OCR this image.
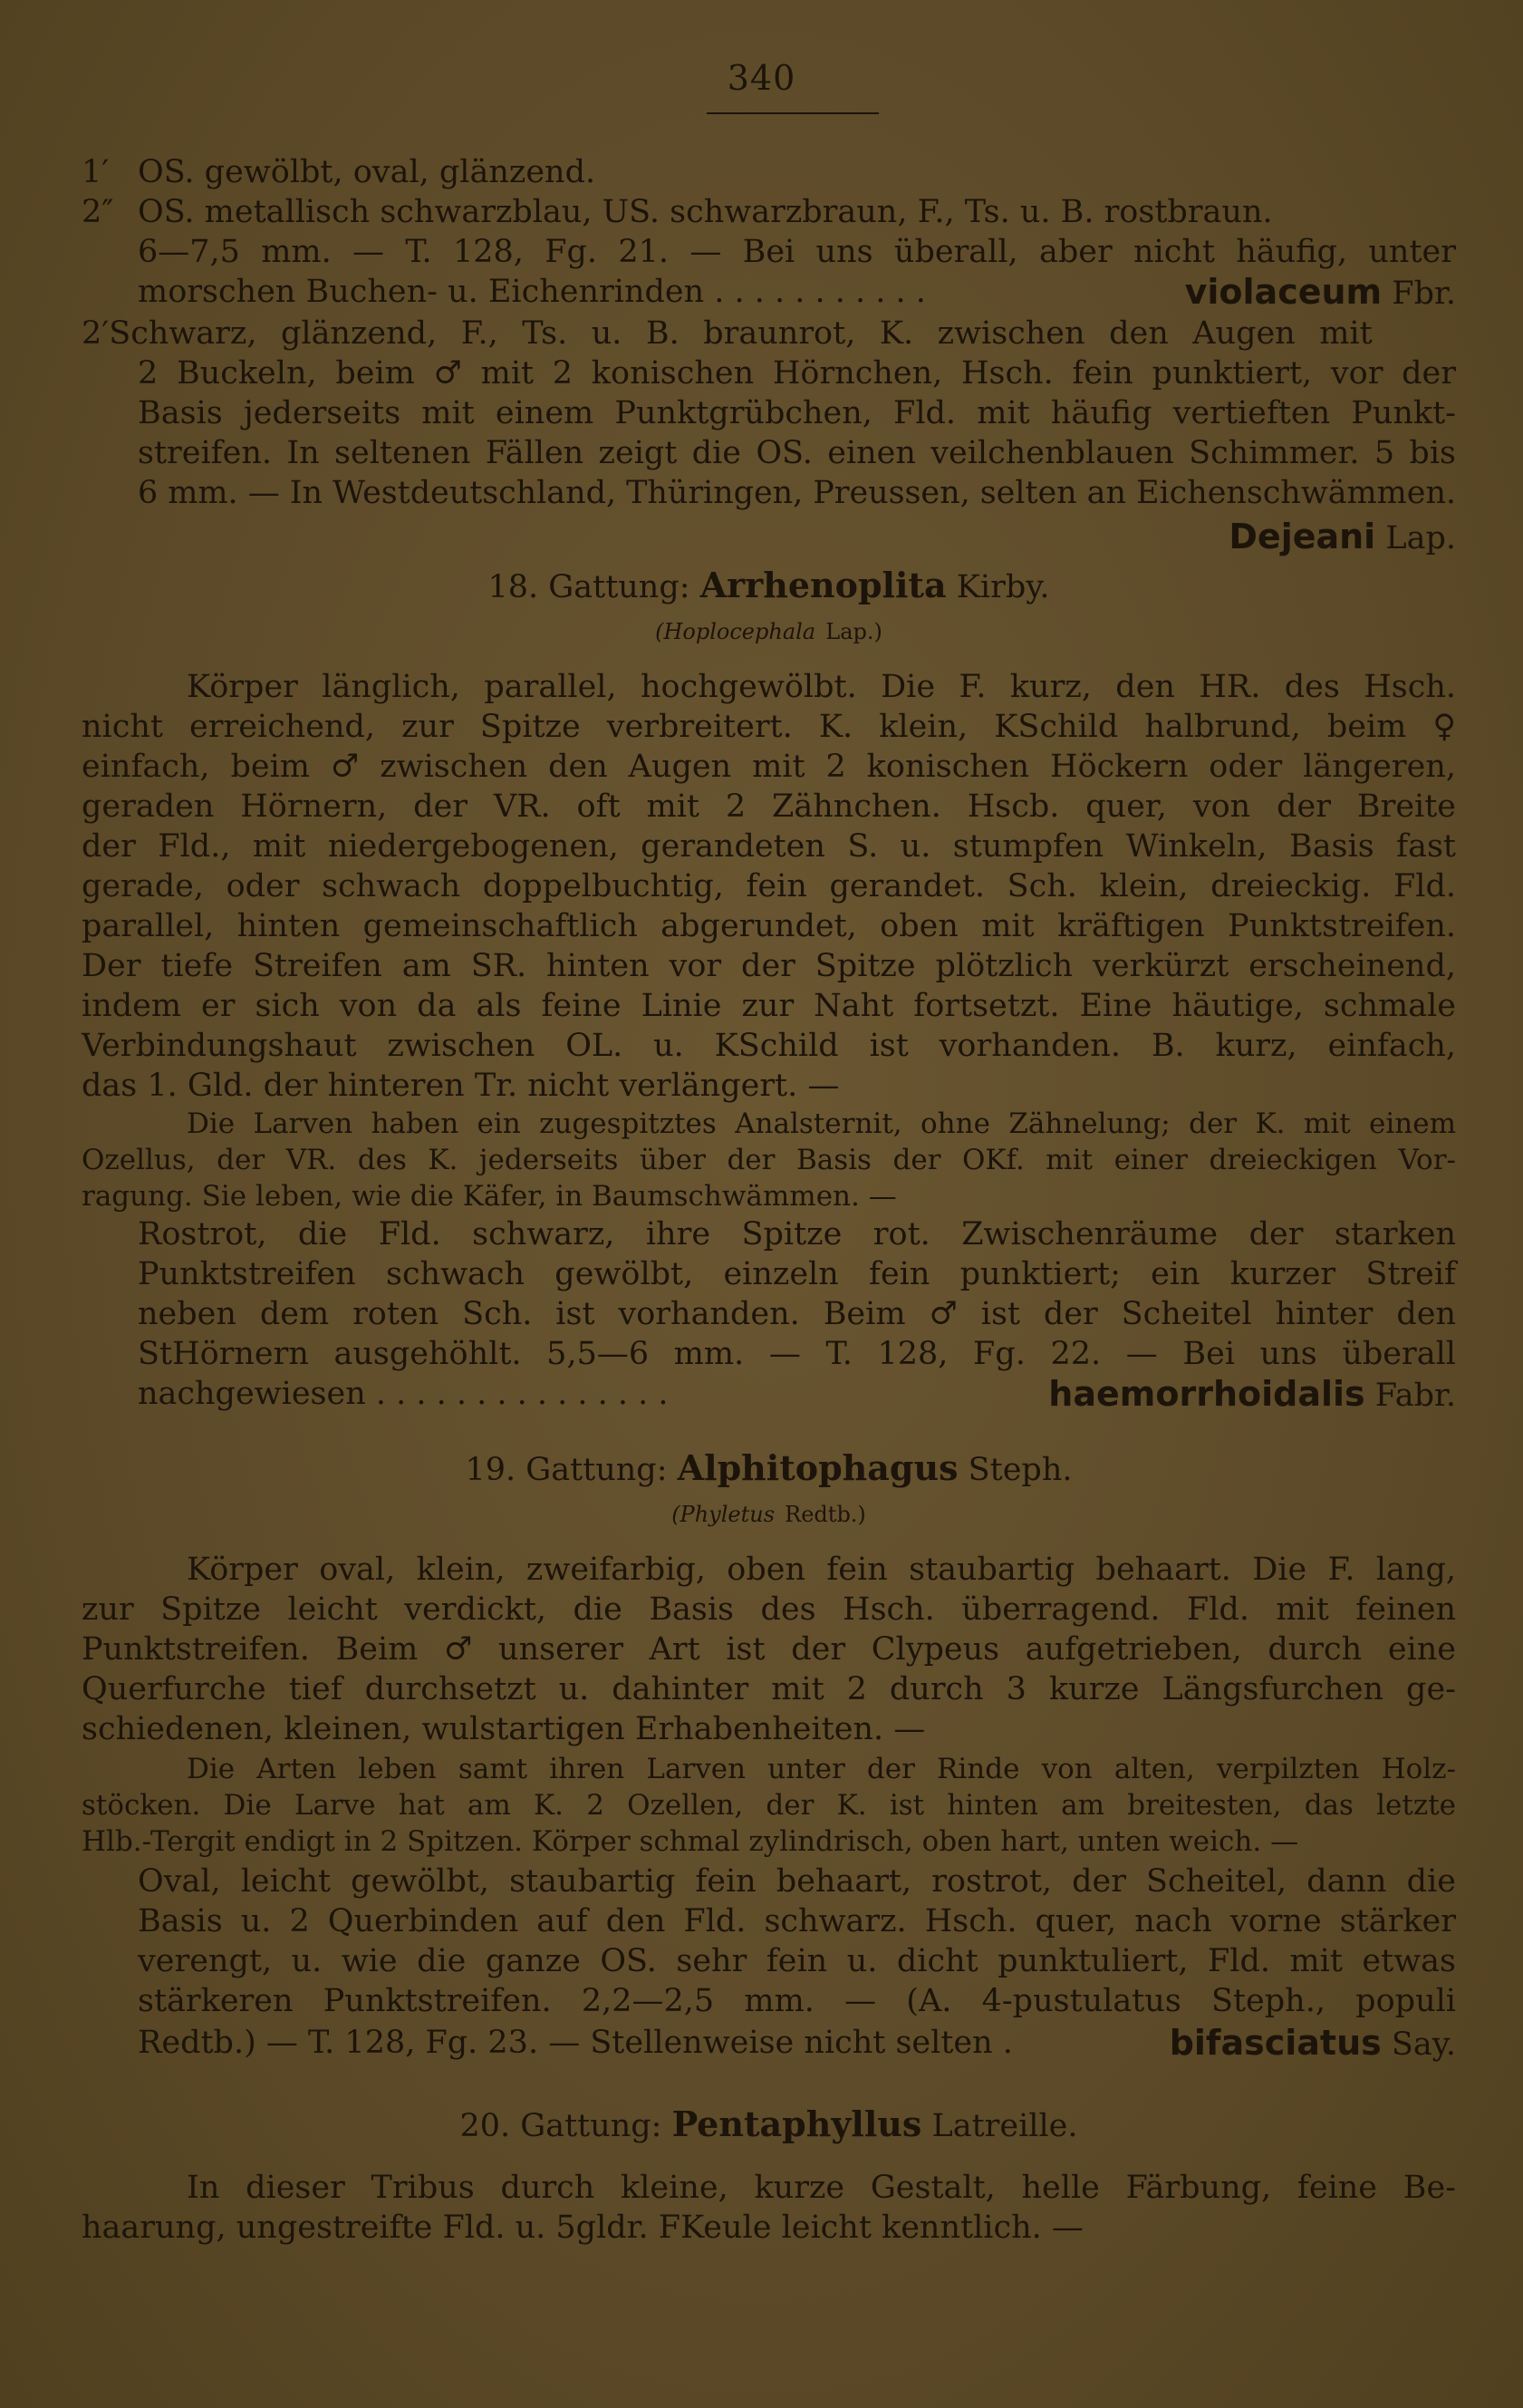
340
1′ OS. gewölbt, oval, glänzend.
2″ OS. metallisch schwarzblau, US. schwarzbraun, F., Ts. u. B. rostbraun.
6—7,5 mm. — T. 128, Fg. 21. — Bei uns überall, aber nicht häufig, unter
morschen Buchen- u. Eichenrinden . . . . . . . . . . .	violaceum Fbr.
2′Schwarz, glänzend, F., Ts. u. B. braunrot, K. zwischen den Augen mit
2 Buckeln, beim ♂ mit 2 konischen Hörnchen, Hsch. fein punktiert, vor der
Basis jederseits mit einem Punktgrübchen, Fld. mit häufig vertieften Punkt-
streifen. In seltenen Fällen zeigt die OS. einen veilchenblauen Schimmer. 5 bis
6 mm. — In Westdeutschland, Thüringen, Preussen, selten an Eichenschwämmen.
Dejeani Lap.
18. Gattung: Arrhenoplita Kirby.
(Hoplocephala Lap.)
Körper länglich, parallel, hochgewölbt. Die F. kurz, den HR. des Hsch.
nicht erreichend, zur Spitze verbreitert. K. klein, KSchild halbrund, beim ♀
einfach, beim ♂ zwischen den Augen mit 2 konischen Höckern oder längeren,
geraden Hörnern, der VR. oft mit 2 Zähnchen. Hscb. quer, von der Breite
der Fld., mit niedergebogenen, gerandeten S. u. stumpfen Winkeln, Basis fast
gerade, oder schwach doppelbuchtig, fein gerandet. Sch. klein, dreieckig. Fld.
parallel, hinten gemeinschaftlich abgerundet, oben mit kräftigen Punktstreifen.
Der tiefe Streifen am SR. hinten vor der Spitze plötzlich verkürzt erscheinend,
indem er sich von da als feine Linie zur Naht fortsetzt. Eine häutige, schmale
Verbindungshaut zwischen OL. u. KSchild ist vorhanden. B. kurz, einfach,
das 1. Gld. der hinteren Tr. nicht verlängert. —
Die Larven haben ein zugespitztes Analsternit, ohne Zähnelung; der K. mit einem
Ozellus, der VR. des K. jederseits über der Basis der OKf. mit einer dreieckigen Vor-
ragung. Sie leben, wie die Käfer, in Baumschwämmen. —
Rostrot, die Fld. schwarz, ihre Spitze rot. Zwischenräume der starken
Punktstreifen schwach gewölbt, einzeln fein punktiert; ein kurzer Streif
neben dem roten Sch. ist vorhanden. Beim ♂ ist der Scheitel hinter den
StHörnern ausgehöhlt. 5,5—6 mm. — T. 128, Fg. 22. — Bei uns überall
nachgewiesen . . . . . . . . . . . . . . .	haemorrhoidalis Fabr.
19. Gattung: Alphitophagus Steph.
(Phyletus Redtb.)
Körper oval, klein, zweifarbig, oben fein staubartig behaart. Die F. lang,
zur Spitze leicht verdickt, die Basis des Hsch. überragend. Fld. mit feinen
Punktstreifen. Beim ♂ unserer Art ist der Clypeus aufgetrieben, durch eine
Querfurche tief durchsetzt u. dahinter mit 2 durch 3 kurze Längsfurchen ge-
schiedenen, kleinen, wulstartigen Erhabenheiten. —
Die Arten leben samt ihren Larven unter der Rinde von alten, verpilzten Holz-
stöcken. Die Larve hat am K. 2 Ozellen, der K. ist hinten am breitesten, das letzte
Hlb.-Tergit endigt in 2 Spitzen. Körper schmal zylindrisch, oben hart, unten weich. —
Oval, leicht gewölbt, staubartig fein behaart, rostrot, der Scheitel, dann die
Basis u. 2 Querbinden auf den Fld. schwarz. Hsch. quer, nach vorne stärker
verengt, u. wie die ganze OS. sehr fein u. dicht punktuliert, Fld. mit etwas
stärkeren Punktstreifen. 2,2—2,5 mm. — (A. 4-pustulatus Steph., populi
Redtb.) — T. 128, Fg. 23. — Stellenweise nicht selten .	bifasciatus Say.
20. Gattung: Pentaphyllus Latreille.
In dieser Tribus durch kleine, kurze Gestalt, helle Färbung, feine Be-
haarung, ungestreifte Fld. u. 5gldr. FKeule leicht kenntlich. —
